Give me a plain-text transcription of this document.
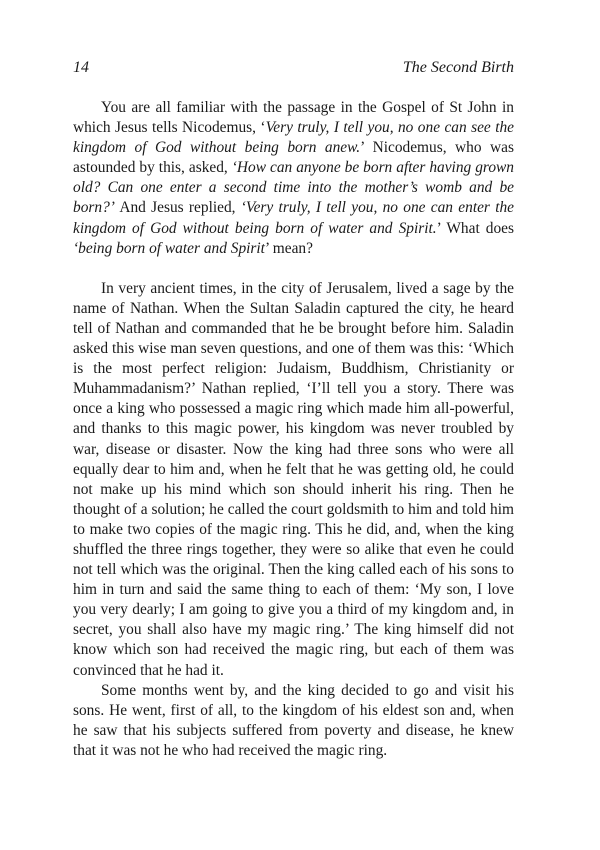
14	The Second Birth

You are all familiar with the passage in the Gospel of St John in which Jesus tells Nicodemus, ‘Very truly, I tell you, no one can see the kingdom of God without being born anew.’ Nicodemus, who was astounded by this, asked, ‘How can anyone be born after having grown old? Can one enter a second time into the mother’s womb and be born?’ And Jesus replied, ‘Very truly, I tell you, no one can enter the kingdom of God without being born of water and Spirit.’ What does ‘being born of water and Spirit’ mean?

In very ancient times, in the city of Jerusalem, lived a sage by the name of Nathan. When the Sultan Saladin captured the city, he heard tell of Nathan and commanded that he be brought before him. Saladin asked this wise man seven questions, and one of them was this: ‘Which is the most perfect religion: Judaism, Buddhism, Christianity or Muhammadanism?’ Nathan replied, ‘I’ll tell you a story. There was once a king who possessed a magic ring which made him all-powerful, and thanks to this magic power, his kingdom was never troubled by war, disease or disaster. Now the king had three sons who were all equally dear to him and, when he felt that he was getting old, he could not make up his mind which son should inherit his ring. Then he thought of a solution; he called the court goldsmith to him and told him to make two copies of the magic ring. This he did, and, when the king shuffled the three rings together, they were so alike that even he could not tell which was the original. Then the king called each of his sons to him in turn and said the same thing to each of them: ‘My son, I love you very dearly; I am going to give you a third of my kingdom and, in secret, you shall also have my magic ring.’ The king himself did not know which son had received the magic ring, but each of them was convinced that he had it.

Some months went by, and the king decided to go and visit his sons. He went, first of all, to the kingdom of his eldest son and, when he saw that his subjects suffered from poverty and disease, he knew that it was not he who had received the magic ring.
